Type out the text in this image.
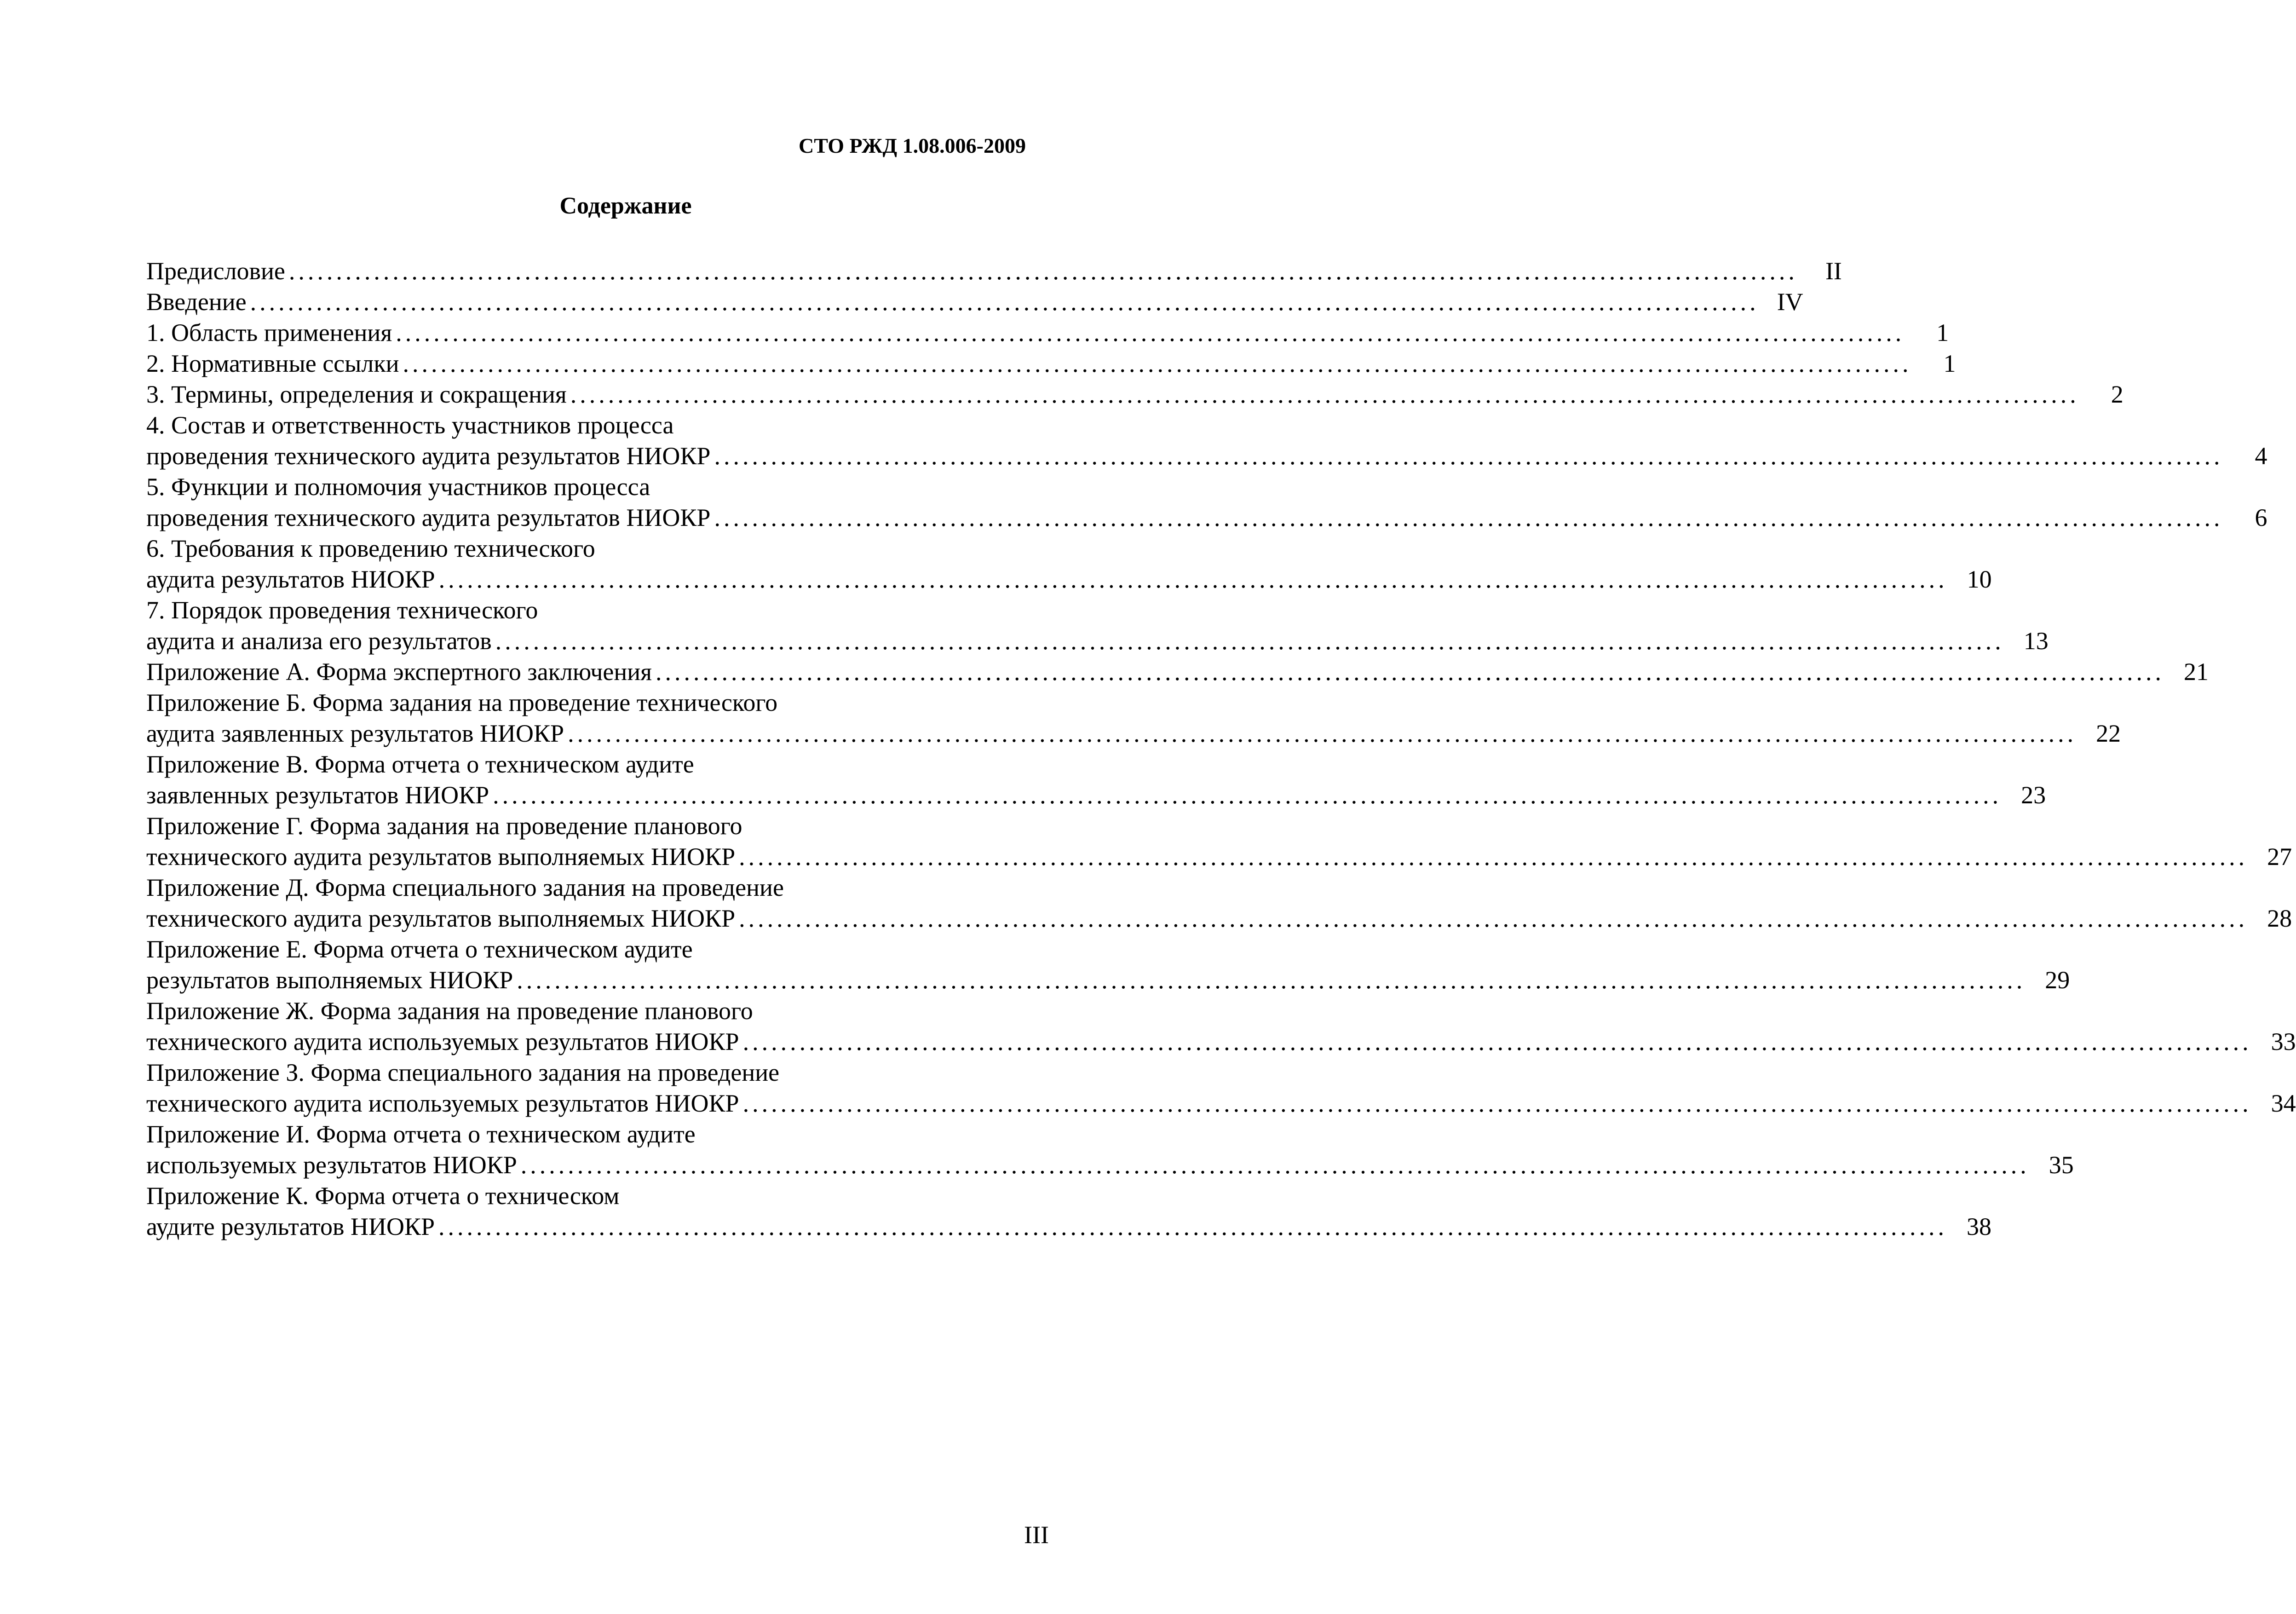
СТО РЖД 1.08.006-2009
Содержание
Предисловие ................................................................................................................................................................	II
Введение ................................................................................................................................................................ IV
1. Область применения ................................................................................................................................................................	1
2. Нормативные ссылки ................................................................................................................................................................	1
3. Термины, определения и сокращения ................................................................................................................................................................	2
4. Состав и ответственность участников процесса
проведения технического аудита результатов НИОКР ................................................................................................................................................................	4
5. Функции и полномочия участников процесса
проведения технического аудита результатов НИОКР ................................................................................................................................................................	6
6. Требования к проведению технического
аудита результатов НИОКР ................................................................................................................................................................ 10
7. Порядок проведения технического
аудита и анализа его результатов ................................................................................................................................................................ 13
Приложение А. Форма экспертного заключения ................................................................................................................................................................ 21
Приложение Б. Форма задания на проведение технического
аудита заявленных результатов НИОКР ................................................................................................................................................................ 22
Приложение В. Форма отчета о техническом аудите
заявленных результатов НИОКР ................................................................................................................................................................ 23
Приложение Г. Форма задания на проведение планового
технического аудита результатов выполняемых НИОКР ................................................................................................................................................................ 27
Приложение Д. Форма специального задания на проведение
технического аудита результатов выполняемых НИОКР ................................................................................................................................................................ 28
Приложение Е. Форма отчета о техническом аудите
результатов выполняемых НИОКР ................................................................................................................................................................ 29
Приложение Ж. Форма задания на проведение планового
технического аудита используемых результатов НИОКР ................................................................................................................................................................ 33
Приложение З. Форма специального задания на проведение
технического аудита используемых результатов НИОКР ................................................................................................................................................................ 34
Приложение И. Форма отчета о техническом аудите
используемых результатов НИОКР ................................................................................................................................................................ 35
Приложение К. Форма отчета о техническом
аудите результатов НИОКР ................................................................................................................................................................ 38
III
